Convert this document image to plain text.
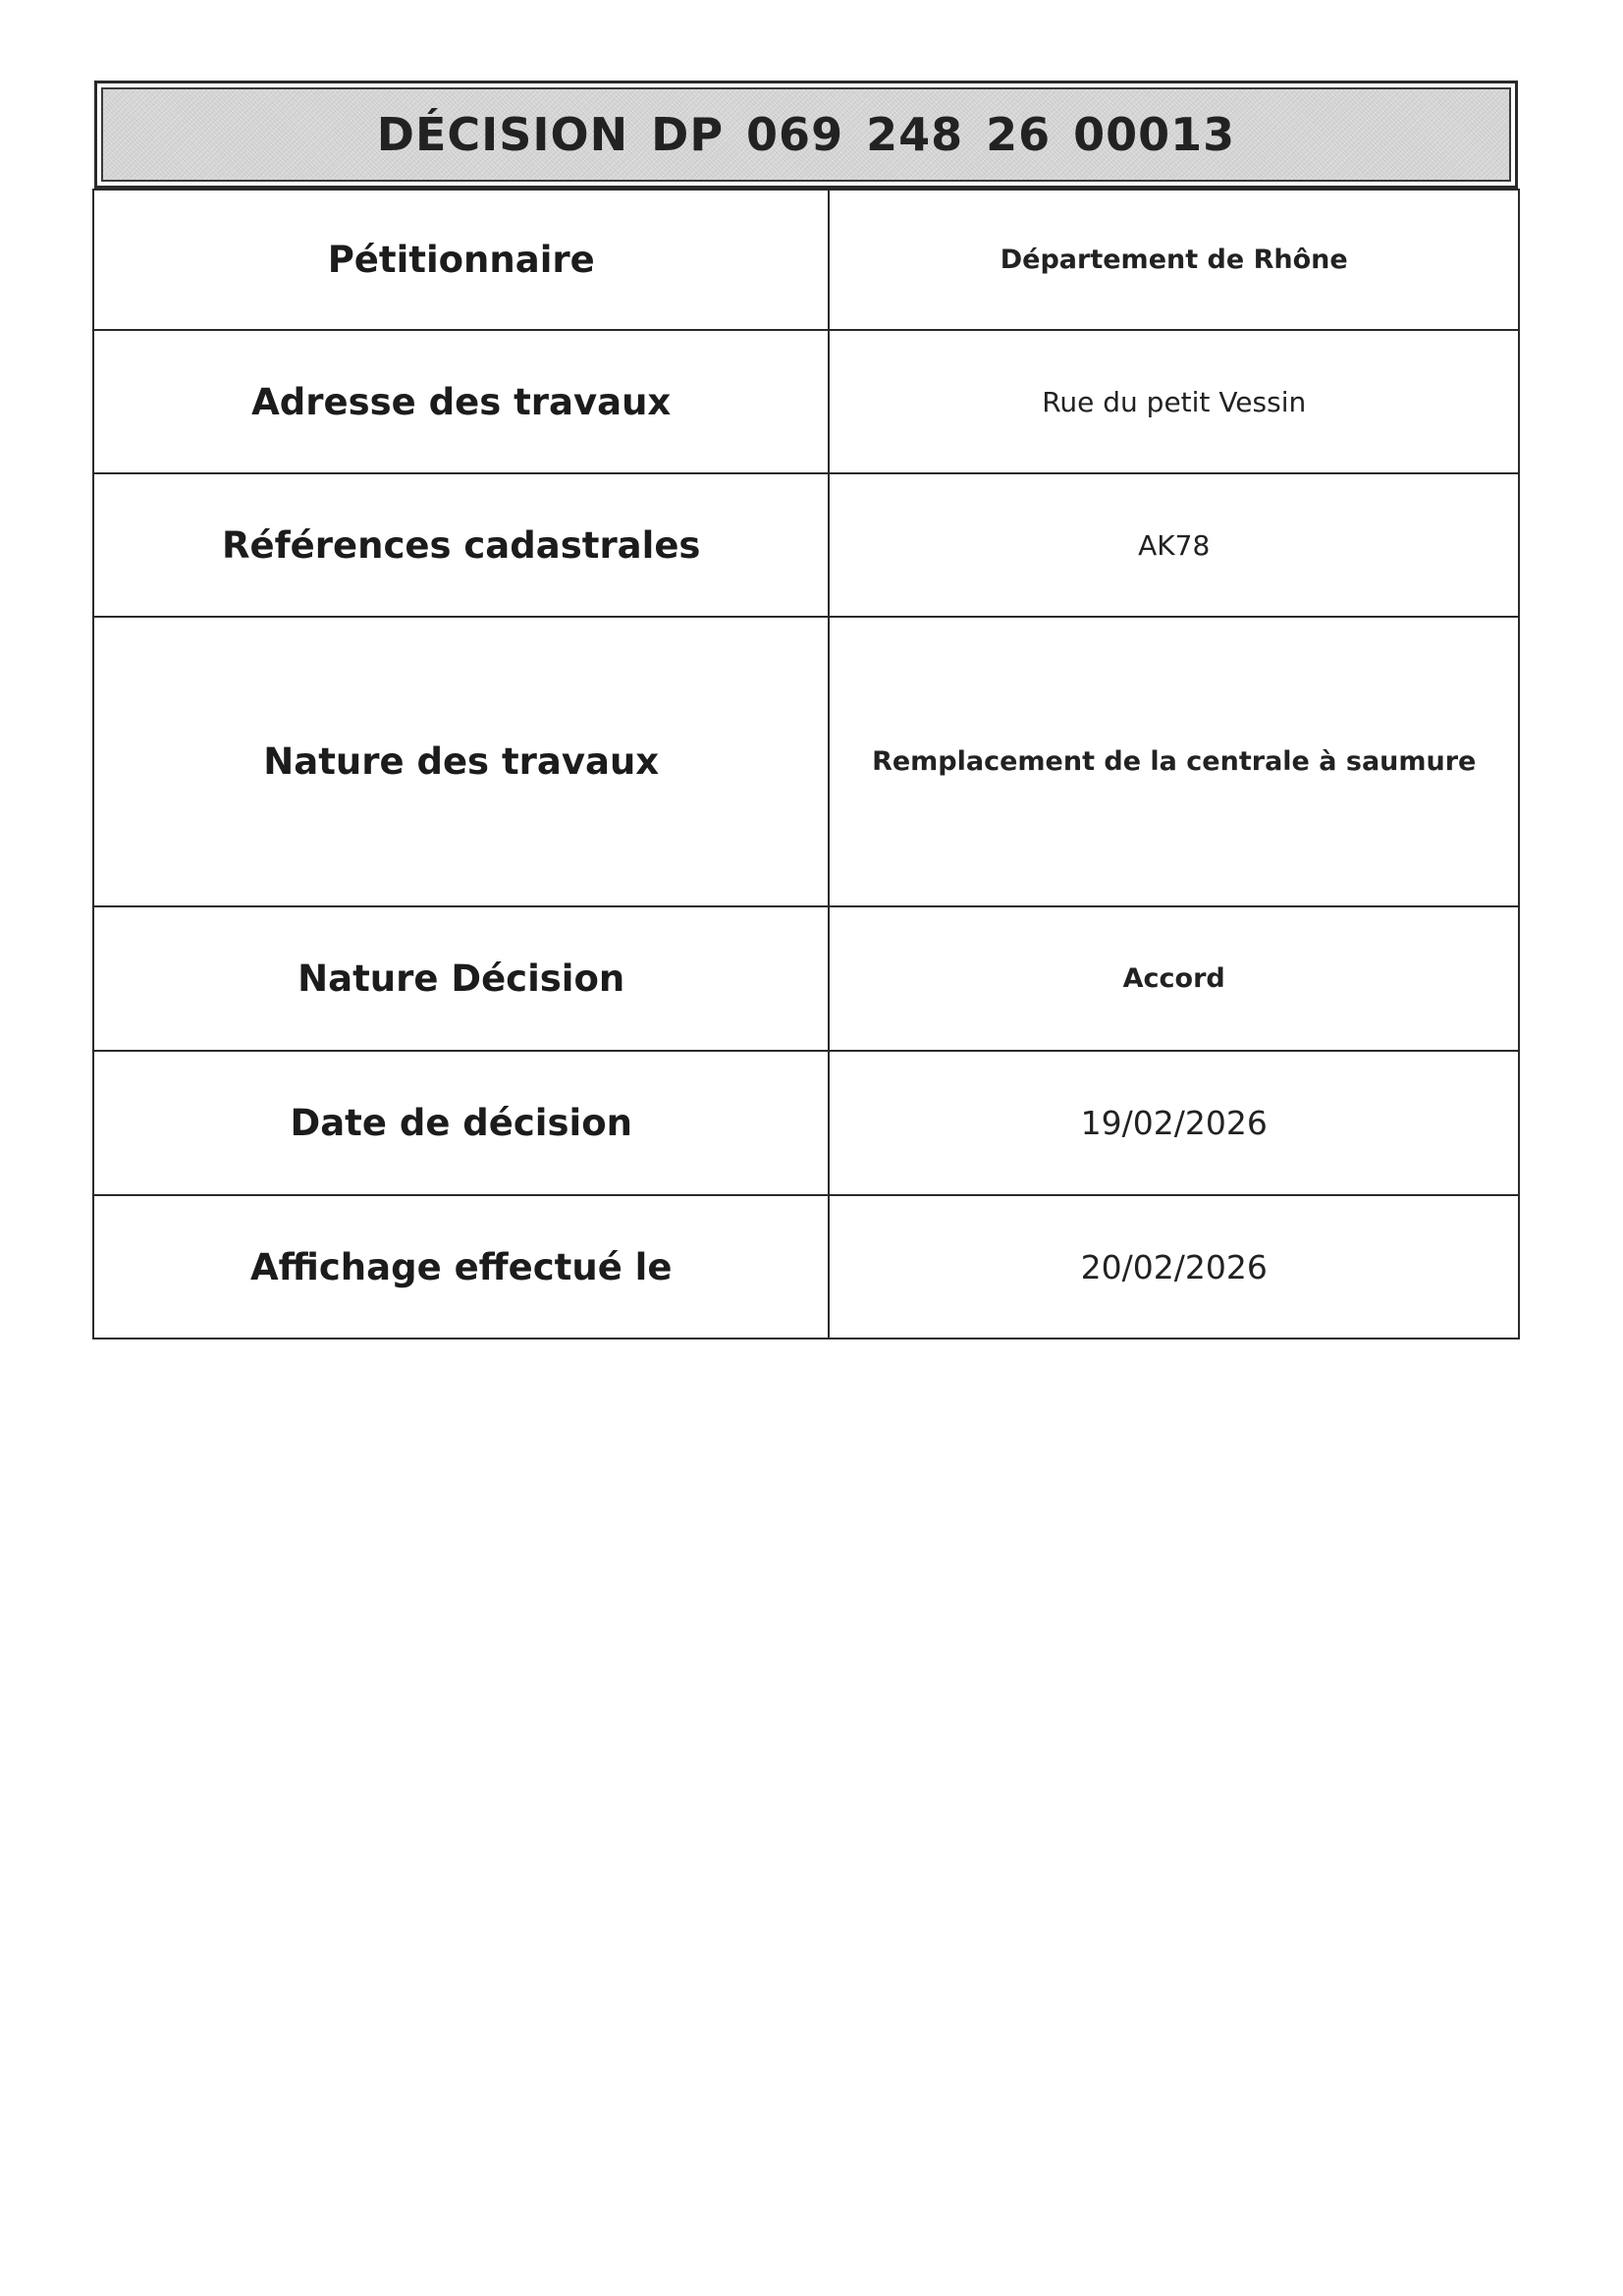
DÉCISION DP 069 248 26 00013
Pétitionnaire	Département de Rhône
Adresse des travaux	Rue du petit Vessin
Références cadastrales	AK78
Nature des travaux	Remplacement de la centrale à saumure
Nature Décision	Accord
Date de décision	19/02/2026
Affichage effectué le	20/02/2026
